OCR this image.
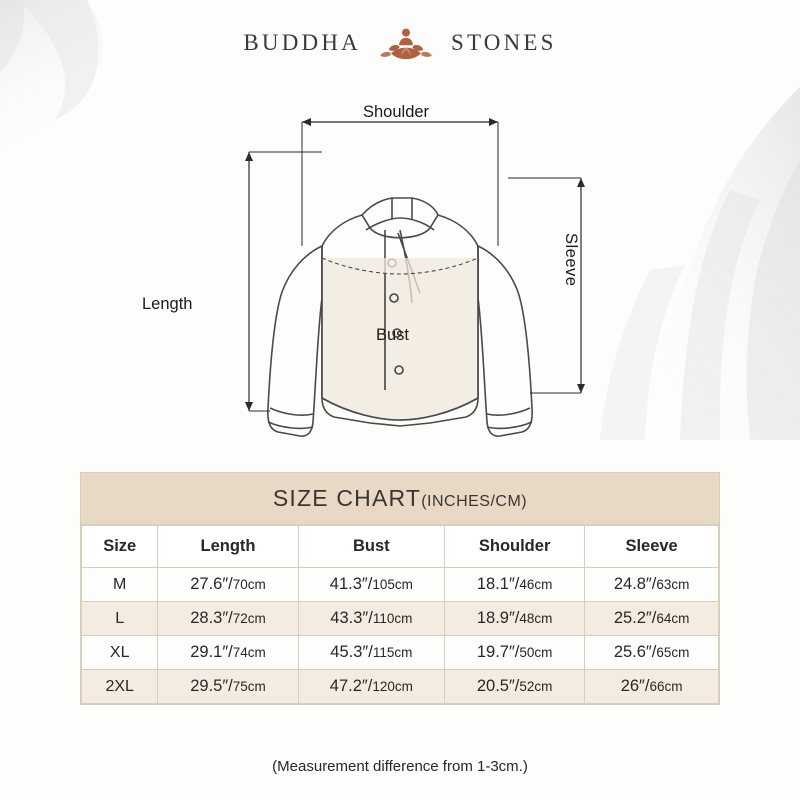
BUDDHA	STONES
Shoulder
Length
Bust
Sleeve
SIZE CHART(INCHES/CM)
Size	Length	Bust	Shoulder	Sleeve
M	27.6″/70cm	41.3″/105cm	18.1″/46cm	24.8″/63cm
L	28.3″/72cm	43.3″/110cm	18.9″/48cm	25.2″/64cm
XL	29.1″/74cm	45.3″/115cm	19.7″/50cm	25.6″/65cm
2XL	29.5″/75cm	47.2″/120cm	20.5″/52cm	26″/66cm
(Measurement difference from 1-3cm.)
